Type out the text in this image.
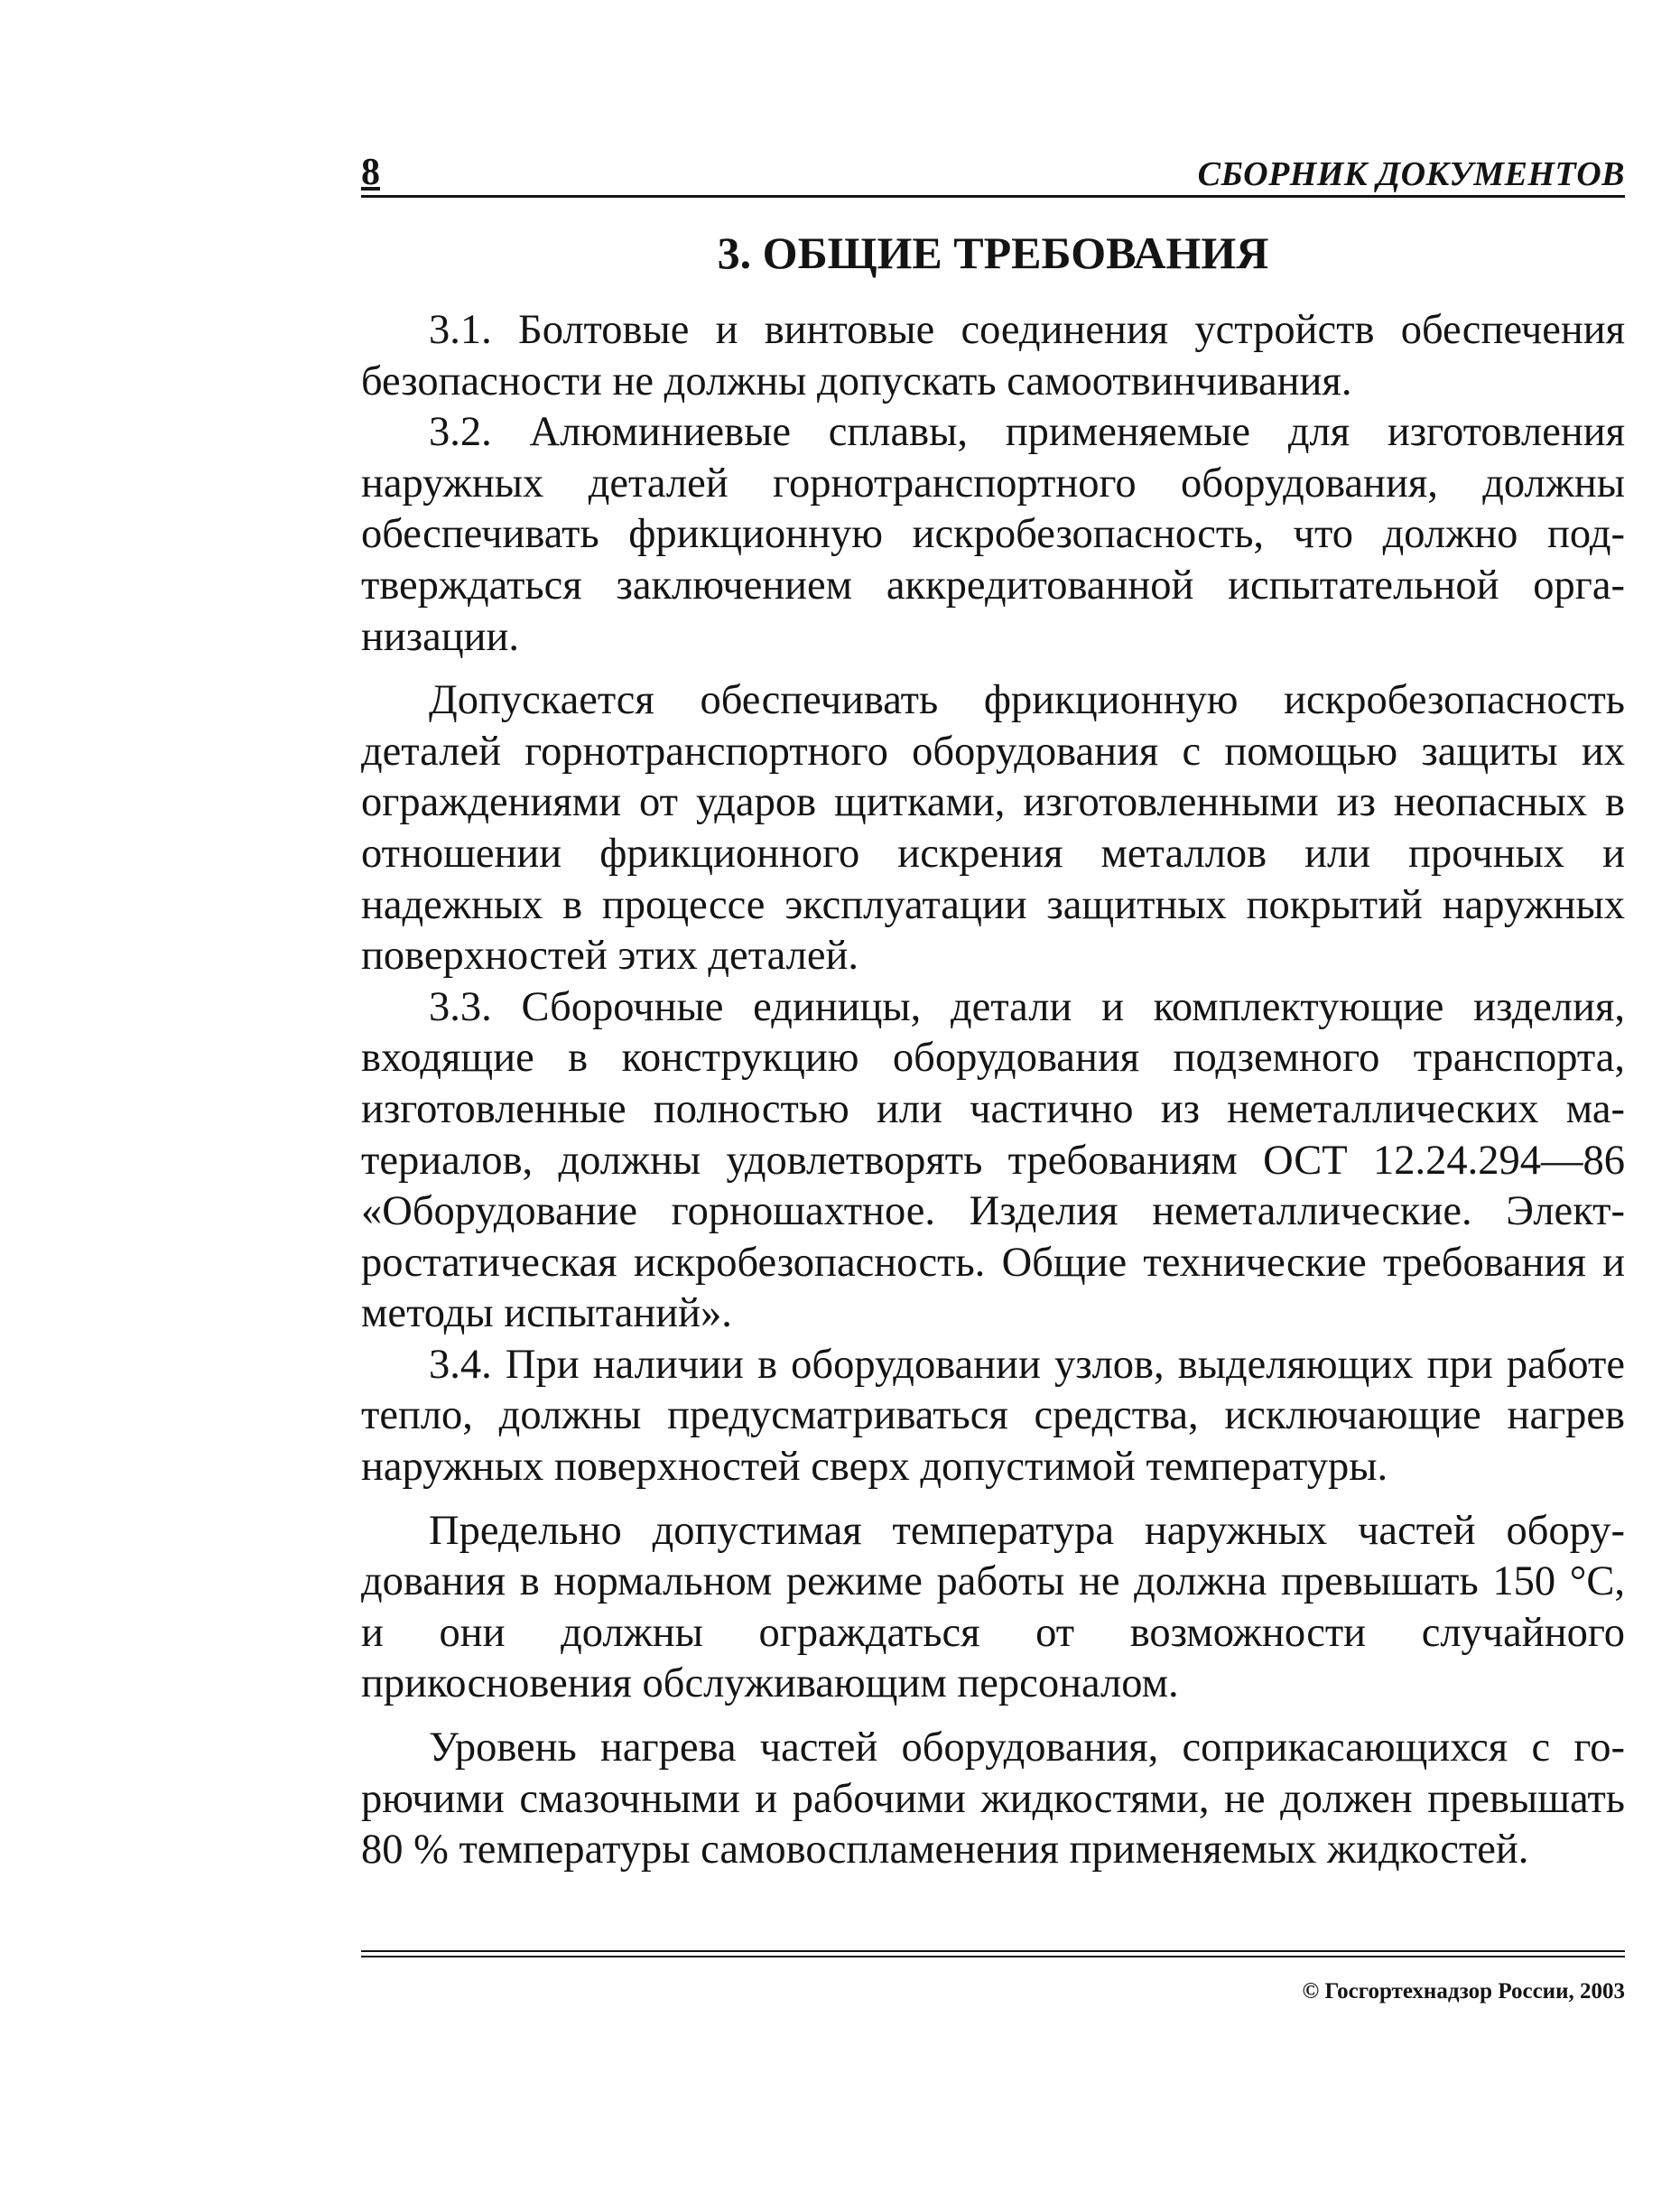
8	СБОРНИК ДОКУМЕНТОВ
3. ОБЩИЕ ТРЕБОВАНИЯ

3.1. Болтовые и винтовые соединения устройств обеспечения безопасности не должны допускать самоотвинчивания.

3.2. Алюминиевые сплавы, применяемые для изготовления наружных деталей горнотранспортного оборудования, должны обеспечивать фрикционную искробезопасность, что должно подтверждаться заключением аккредитованной испытательной организации.

Допускается обеспечивать фрикционную искробезопасность деталей горнотранспортного оборудования с помощью защиты их ограждениями от ударов щитками, изготовленными из неопасных в отношении фрикционного искрения металлов или прочных и надежных в процессе эксплуатации защитных покрытий наружных поверхностей этих деталей.

3.3. Сборочные единицы, детали и комплектующие изделия, входящие в конструкцию оборудования подземного транспорта, изготовленные полностью или частично из неметаллических материалов, должны удовлетворять требованиям ОСТ 12.24.294—86 «Оборудование горношахтное. Изделия неметаллические. Электростатическая искробезопасность. Общие технические требования и методы испытаний».

3.4. При наличии в оборудовании узлов, выделяющих при работе тепло, должны предусматриваться средства, исключающие нагрев наружных поверхностей сверх допустимой температуры.

Предельно допустимая температура наружных частей оборудования в нормальном режиме работы не должна превышать 150 °С, и они должны ограждаться от возможности случайного прикосновения обслуживающим персоналом.

Уровень нагрева частей оборудования, соприкасающихся с горючими смазочными и рабочими жидкостями, не должен превышать 80 % температуры самовоспламенения применяемых жидкостей.

© Госгортехнадзор России, 2003
